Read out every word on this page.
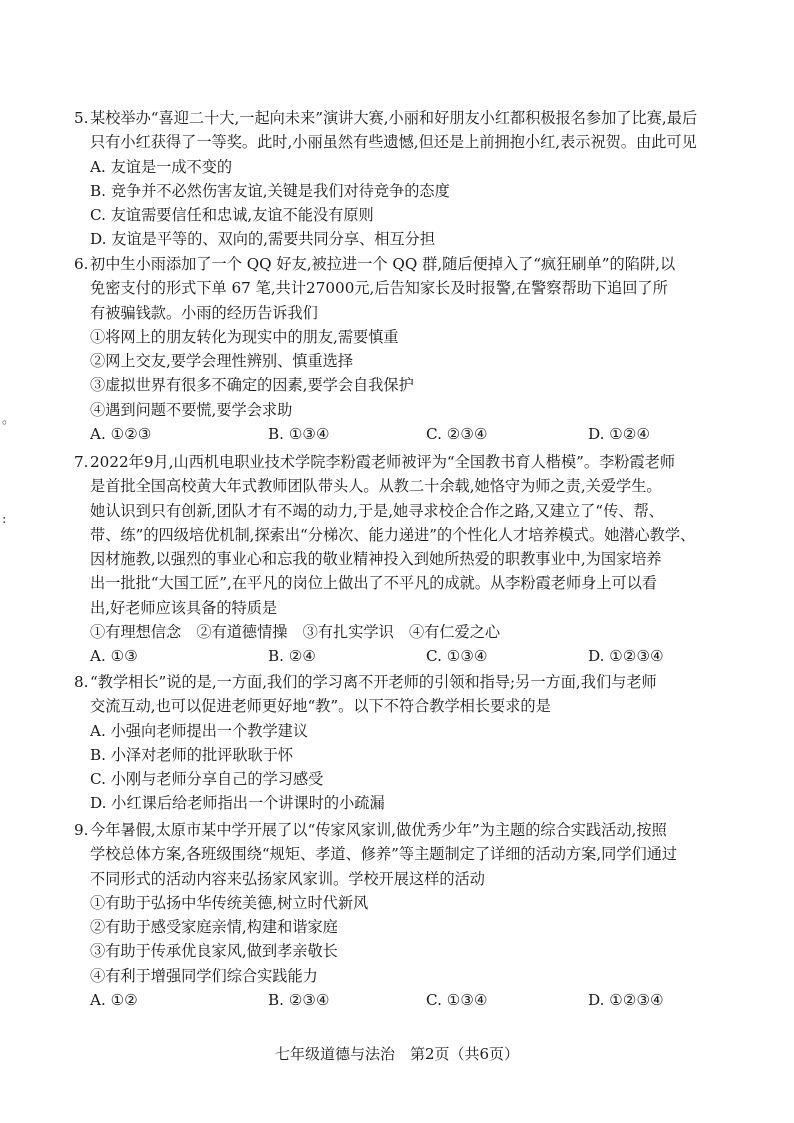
。
:
5.某校举办“喜迎二十大,一起向未来”演讲大赛,小丽和好朋友小红都积极报名参加了比赛,最后
只有小红获得了一等奖。此时,小丽虽然有些遗憾,但还是上前拥抱小红,表示祝贺。由此可见
A. 友谊是一成不变的
B. 竞争并不必然伤害友谊,关键是我们对待竞争的态度
C. 友谊需要信任和忠诚,友谊不能没有原则
D. 友谊是平等的、双向的,需要共同分享、相互分担
6.初中生小雨添加了一个 QQ 好友,被拉进一个 QQ 群,随后便掉入了“疯狂刷单”的陷阱,以
免密支付的形式下单 67 笔,共计27000元,后告知家长及时报警,在警察帮助下追回了所
有被骗钱款。小雨的经历告诉我们
①将网上的朋友转化为现实中的朋友,需要慎重
②网上交友,要学会理性辨别、慎重选择
③虚拟世界有很多不确定的因素,要学会自我保护
④遇到问题不要慌,要学会求助
A. ①②③	B. ①③④	C. ②③④	D. ①②④
7.2022年9月,山西机电职业技术学院李粉霞老师被评为“全国教书育人楷模”。李粉霞老师
是首批全国高校黄大年式教师团队带头人。从教二十余载,她恪守为师之责,关爱学生。
她认识到只有创新,团队才有不竭的动力,于是,她寻求校企合作之路,又建立了“传、帮、
带、练”的四级培优机制,探索出“分梯次、能力递进”的个性化人才培养模式。她潜心教学、
因材施教,以强烈的事业心和忘我的敬业精神投入到她所热爱的职教事业中,为国家培养
出一批批“大国工匠”,在平凡的岗位上做出了不平凡的成就。从李粉霞老师身上可以看
出,好老师应该具备的特质是
①有理想信念　②有道德情操　③有扎实学识　④有仁爱之心
A. ①③	B. ②④	C. ①③④	D. ①②③④
8.“教学相长”说的是,一方面,我们的学习离不开老师的引领和指导;另一方面,我们与老师
交流互动,也可以促进老师更好地“教”。以下不符合教学相长要求的是
A. 小强向老师提出一个教学建议
B. 小泽对老师的批评耿耿于怀
C. 小刚与老师分享自己的学习感受
D. 小红课后给老师指出一个讲课时的小疏漏
9.今年暑假,太原市某中学开展了以“传家风家训,做优秀少年”为主题的综合实践活动,按照
学校总体方案,各班级围绕“规矩、孝道、修养”等主题制定了详细的活动方案,同学们通过
不同形式的活动内容来弘扬家风家训。学校开展这样的活动
①有助于弘扬中华传统美德,树立时代新风
②有助于感受家庭亲情,构建和谐家庭
③有助于传承优良家风,做到孝亲敬长
④有利于增强同学们综合实践能力
A. ①②	B. ②③④	C. ①③④	D. ①②③④
七年级道德与法治　第2页（共6页）
